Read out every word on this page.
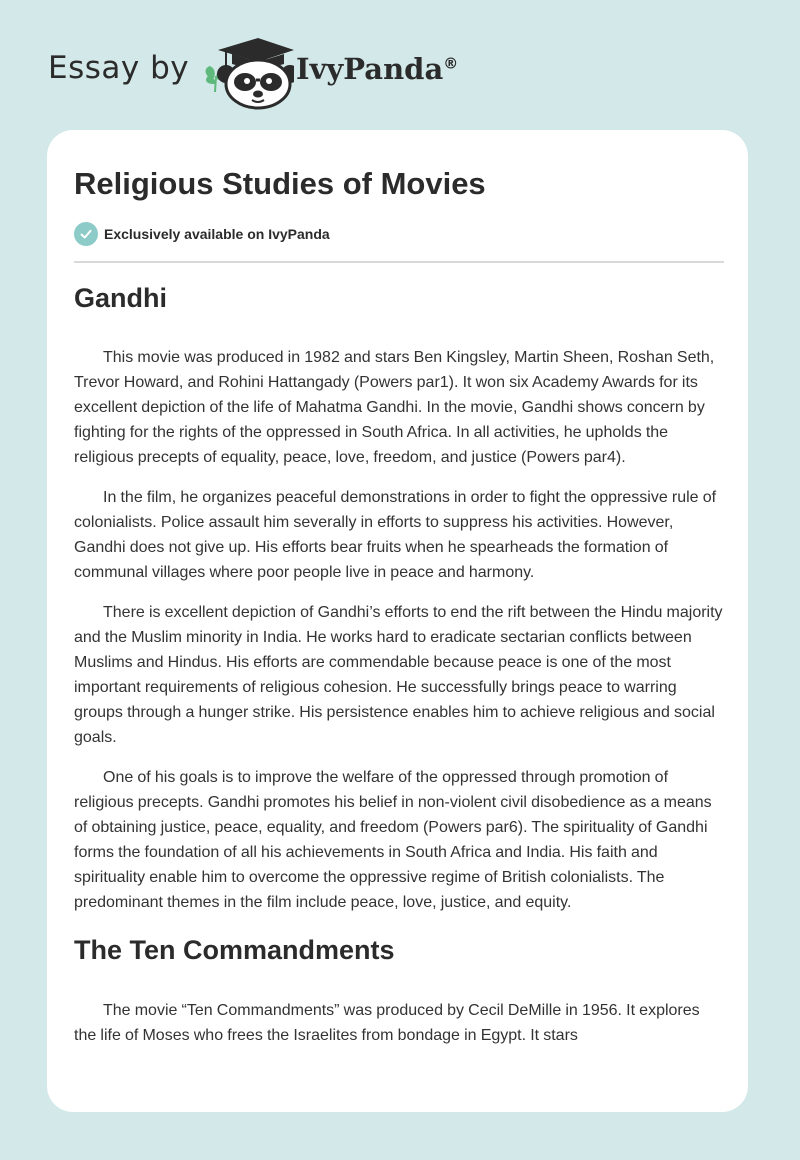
Essay by	IvyPanda®
Religious Studies of Movies
Exclusively available on IvyPanda
Gandhi

This movie was produced in 1982 and stars Ben Kingsley, Martin Sheen, Roshan Seth, Trevor Howard, and Rohini Hattangady (Powers par1). It won six Academy Awards for its excellent depiction of the life of Mahatma Gandhi. In the movie, Gandhi shows concern by fighting for the rights of the oppressed in South Africa. In all activities, he upholds the religious precepts of equality, peace, love, freedom, and justice (Powers par4).

In the film, he organizes peaceful demonstrations in order to fight the oppressive rule of colonialists. Police assault him severally in efforts to suppress his activities. However, Gandhi does not give up. His efforts bear fruits when he spearheads the formation of communal villages where poor people live in peace and harmony.

There is excellent depiction of Gandhi’s efforts to end the rift between the Hindu majority and the Muslim minority in India. He works hard to eradicate sectarian conflicts between Muslims and Hindus. His efforts are commendable because peace is one of the most important requirements of religious cohesion. He successfully brings peace to warring groups through a hunger strike. His persistence enables him to achieve religious and social goals.

One of his goals is to improve the welfare of the oppressed through promotion of religious precepts. Gandhi promotes his belief in non-violent civil disobedience as a means of obtaining justice, peace, equality, and freedom (Powers par6). The spirituality of Gandhi forms the foundation of all his achievements in South Africa and India. His faith and spirituality enable him to overcome the oppressive regime of British colonialists. The predominant themes in the film include peace, love, justice, and equity.

The Ten Commandments

The movie “Ten Commandments” was produced by Cecil DeMille in 1956. It explores the life of Moses who frees the Israelites from bondage in Egypt. It stars
